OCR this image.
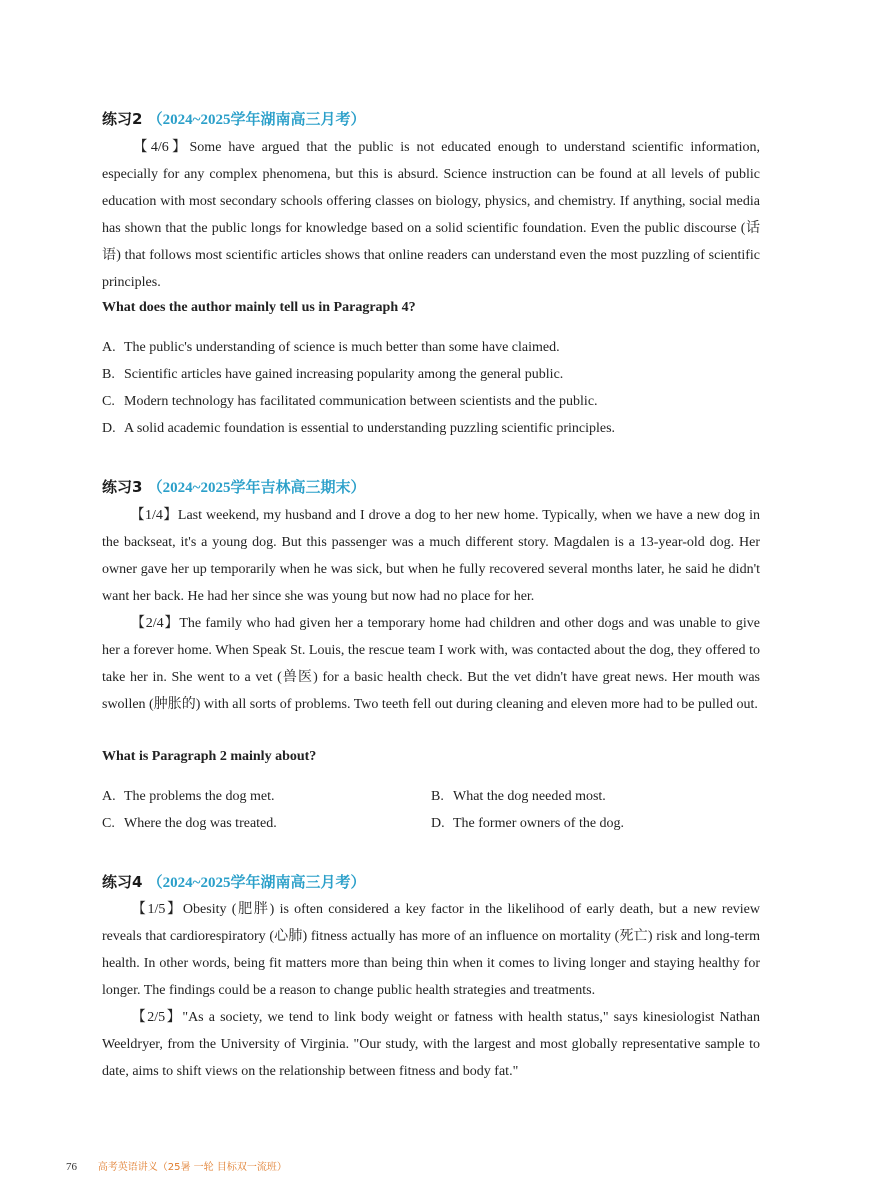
练习2 （2024~2025学年湖南高三月考）

【4/6】Some have argued that the public is not educated enough to understand scientific information, especially for any complex phenomena, but this is absurd. Science instruction can be found at all levels of public education with most secondary schools offering classes on biology, physics, and chemistry. If anything, social media has shown that the public longs for knowledge based on a solid scientific foundation. Even the public discourse (话语) that follows most scientific articles shows that online readers can understand even the most puzzling of scientific principles.

What does the author mainly tell us in Paragraph 4?

A. The public's understanding of science is much better than some have claimed.
B. Scientific articles have gained increasing popularity among the general public.
C. Modern technology has facilitated communication between scientists and the public.
D. A solid academic foundation is essential to understanding puzzling scientific principles.
练习3 （2024~2025学年吉林高三期末）

【1/4】Last weekend, my husband and I drove a dog to her new home. Typically, when we have a new dog in the backseat, it's a young dog. But this passenger was a much different story. Magdalen is a 13-year-old dog. Her owner gave her up temporarily when he was sick, but when he fully recovered several months later, he said he didn't want her back. He had her since she was young but now had no place for her.

【2/4】The family who had given her a temporary home had children and other dogs and was unable to give her a forever home. When Speak St. Louis, the rescue team I work with, was contacted about the dog, they offered to take her in. She went to a vet (兽医) for a basic health check. But the vet didn't have great news. Her mouth was swollen (肿胀的) with all sorts of problems. Two teeth fell out during cleaning and eleven more had to be pulled out.

What is Paragraph 2 mainly about?

A. The problems the dog met.	B. What the dog needed most.
C. Where the dog was treated.	D. The former owners of the dog.
练习4 （2024~2025学年湖南高三月考）

【1/5】Obesity (肥胖) is often considered a key factor in the likelihood of early death, but a new review reveals that cardiorespiratory (心肺) fitness actually has more of an influence on mortality (死亡) risk and long-term health. In other words, being fit matters more than being thin when it comes to living longer and staying healthy for longer. The findings could be a reason to change public health strategies and treatments.

【2/5】"As a society, we tend to link body weight or fatness with health status," says kinesiologist Nathan Weeldryer, from the University of Virginia. "Our study, with the largest and most globally representative sample to date, aims to shift views on the relationship between fitness and body fat."

76 高考英语讲义（25暑 一轮 目标双一流班）
